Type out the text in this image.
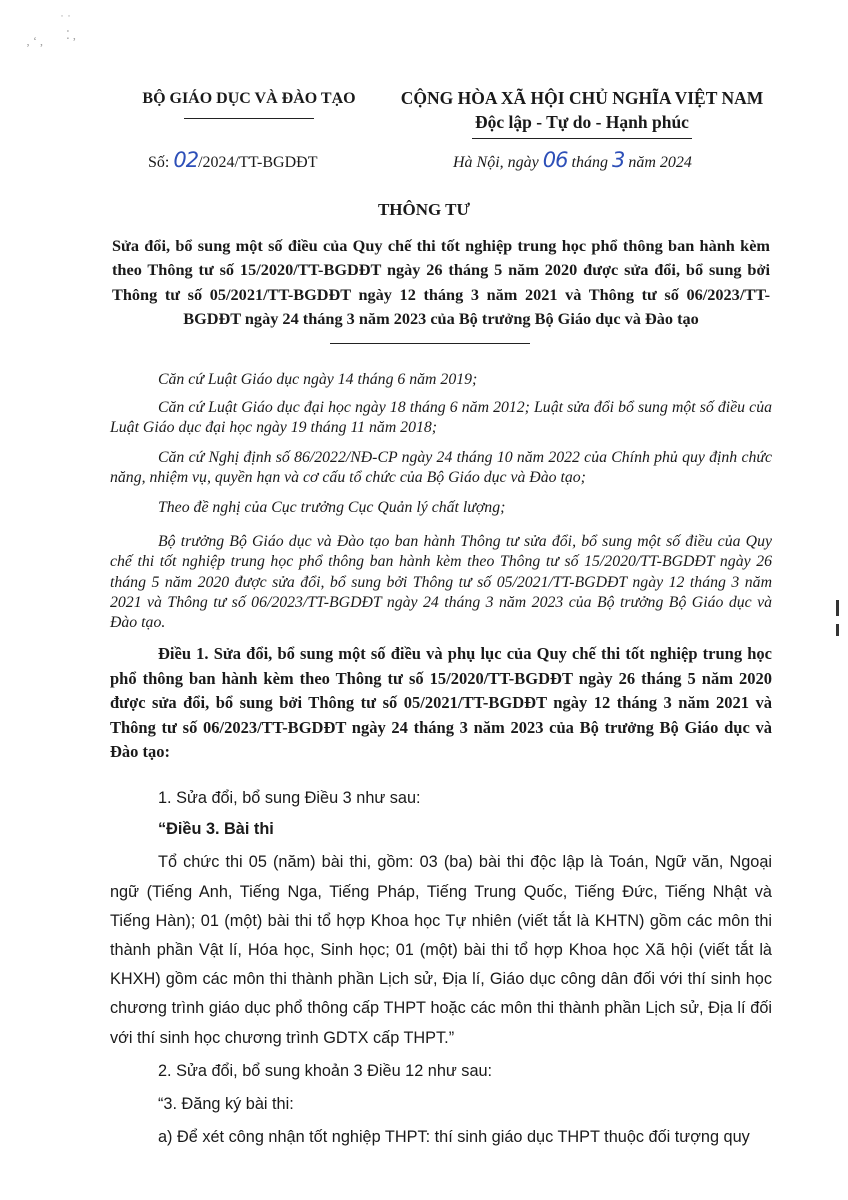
‚ ‘ ,
˙ ˙
⁚ ,
BỘ GIÁO DỤC VÀ ĐÀO TẠO	CỘNG HÒA XÃ HỘI CHỦ NGHĨA VIỆT NAM
Độc lập - Tự do - Hạnh phúc
Số: 02/2024/TT-BGDĐT	Hà Nội, ngày 06 tháng 3 năm 2024
THÔNG TƯ
Sửa đổi, bổ sung một số điều của Quy chế thi tốt nghiệp trung học phổ thông ban hành kèm theo Thông tư số 15/2020/TT-BGDĐT ngày 26 tháng 5 năm 2020 được sửa đổi, bổ sung bởi Thông tư số 05/2021/TT-BGDĐT ngày 12 tháng 3 năm 2021 và Thông tư số 06/2023/TT-BGDĐT ngày 24 tháng 3 năm 2023 của Bộ trưởng Bộ Giáo dục và Đào tạo

Căn cứ Luật Giáo dục ngày 14 tháng 6 năm 2019;

Căn cứ Luật Giáo dục đại học ngày 18 tháng 6 năm 2012; Luật sửa đổi bổ sung một số điều của Luật Giáo dục đại học ngày 19 tháng 11 năm 2018;

Căn cứ Nghị định số 86/2022/NĐ-CP ngày 24 tháng 10 năm 2022 của Chính phủ quy định chức năng, nhiệm vụ, quyền hạn và cơ cấu tổ chức của Bộ Giáo dục và Đào tạo;

Theo đề nghị của Cục trưởng Cục Quản lý chất lượng;

Bộ trưởng Bộ Giáo dục và Đào tạo ban hành Thông tư sửa đổi, bổ sung một số điều của Quy chế thi tốt nghiệp trung học phổ thông ban hành kèm theo Thông tư số 15/2020/TT-BGDĐT ngày 26 tháng 5 năm 2020 được sửa đổi, bổ sung bởi Thông tư số 05/2021/TT-BGDĐT ngày 12 tháng 3 năm 2021 và Thông tư số 06/2023/TT-BGDĐT ngày 24 tháng 3 năm 2023 của Bộ trưởng Bộ Giáo dục và Đào tạo.

Điều 1. Sửa đổi, bổ sung một số điều và phụ lục của Quy chế thi tốt nghiệp trung học phổ thông ban hành kèm theo Thông tư số 15/2020/TT-BGDĐT ngày 26 tháng 5 năm 2020 được sửa đổi, bổ sung bởi Thông tư số 05/2021/TT-BGDĐT ngày 12 tháng 3 năm 2021 và Thông tư số 06/2023/TT-BGDĐT ngày 24 tháng 3 năm 2023 của Bộ trưởng Bộ Giáo dục và Đào tạo:

1. Sửa đổi, bổ sung Điều 3 như sau:

“Điều 3. Bài thi

Tổ chức thi 05 (năm) bài thi, gồm: 03 (ba) bài thi độc lập là Toán, Ngữ văn, Ngoại ngữ (Tiếng Anh, Tiếng Nga, Tiếng Pháp, Tiếng Trung Quốc, Tiếng Đức, Tiếng Nhật và Tiếng Hàn); 01 (một) bài thi tổ hợp Khoa học Tự nhiên (viết tắt là KHTN) gồm các môn thi thành phần Vật lí, Hóa học, Sinh học; 01 (một) bài thi tổ hợp Khoa học Xã hội (viết tắt là KHXH) gồm các môn thi thành phần Lịch sử, Địa lí, Giáo dục công dân đối với thí sinh học chương trình giáo dục phổ thông cấp THPT hoặc các môn thi thành phần Lịch sử, Địa lí đối với thí sinh học chương trình GDTX cấp THPT.”

2. Sửa đổi, bổ sung khoản 3 Điều 12 như sau:

“3. Đăng ký bài thi:

a) Để xét công nhận tốt nghiệp THPT: thí sinh giáo dục THPT thuộc đối tượng quy
